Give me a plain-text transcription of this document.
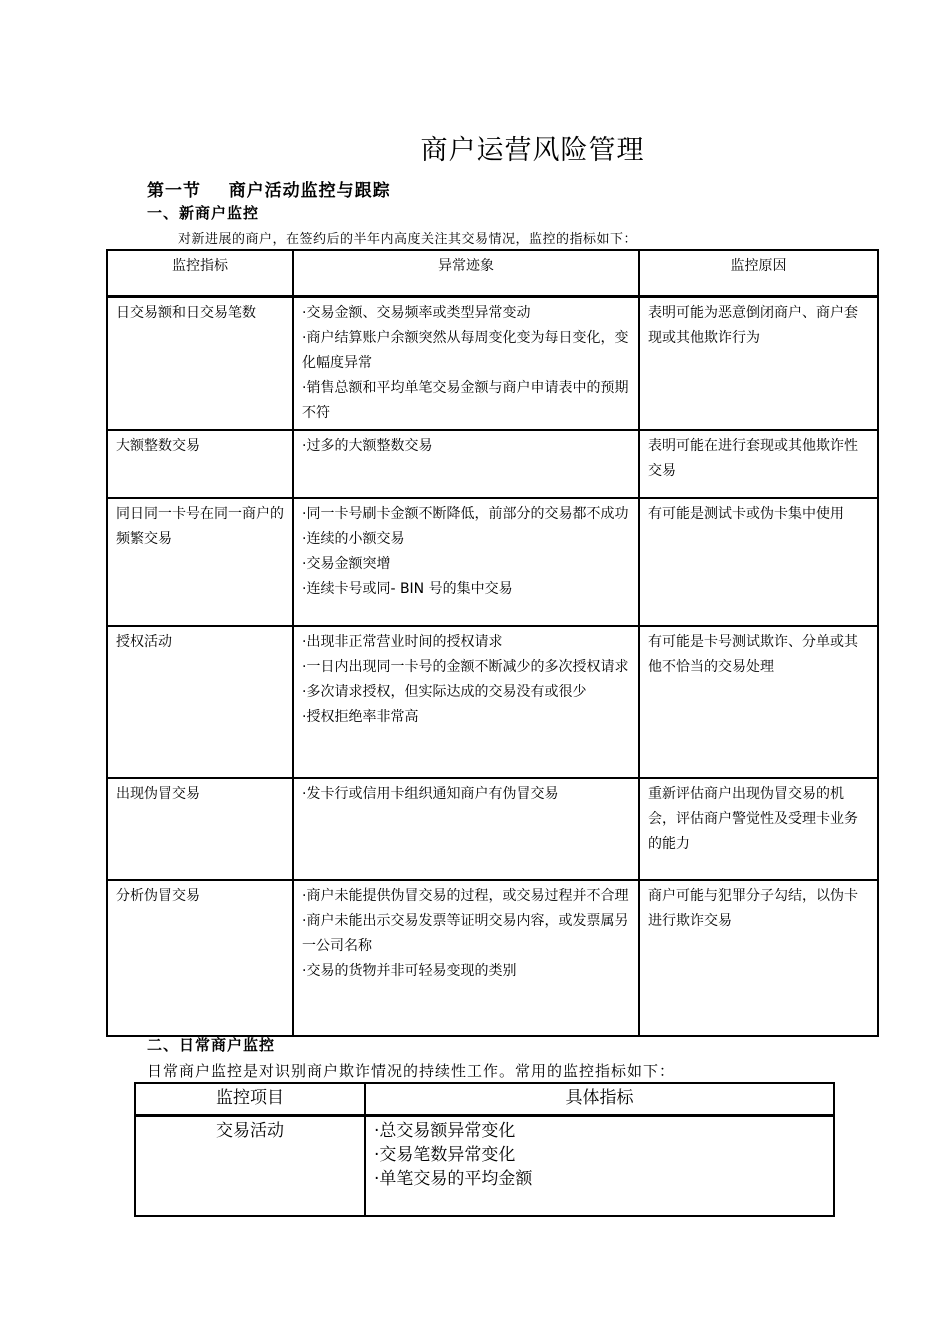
商户运营风险管理
第一节 商户活动监控与跟踪
一、新商户监控
对新进展的商户，在签约后的半年内高度关注其交易情况，监控的指标如下：
监控指标	异常迹象	监控原因
日交易额和日交易笔数	·交易金额、交易频率或类型异常变动
·商户结算账户余额突然从每周变化变为每日变化，变化幅度异常
·销售总额和平均单笔交易金额与商户申请表中的预期不符	表明可能为恶意倒闭商户、商户套现或其他欺诈行为
大额整数交易	·过多的大额整数交易	表明可能在进行套现或其他欺诈性交易
同日同一卡号在同一商户的频繁交易	·同一卡号刷卡金额不断降低，前部分的交易都不成功
·连续的小额交易
·交易金额突增
·连续卡号或同- BIN 号的集中交易	有可能是测试卡或伪卡集中使用
授权活动	·出现非正常营业时间的授权请求
·一日内出现同一卡号的金额不断减少的多次授权请求
·多次请求授权，但实际达成的交易没有或很少
·授权拒绝率非常高	有可能是卡号测试欺诈、分单或其他不恰当的交易处理
出现伪冒交易	·发卡行或信用卡组织通知商户有伪冒交易	重新评估商户出现伪冒交易的机会，评估商户警觉性及受理卡业务的能力
分析伪冒交易	·商户未能提供伪冒交易的过程，或交易过程并不合理
·商户未能出示交易发票等证明交易内容，或发票属另一公司名称
·交易的货物并非可轻易变现的类别	商户可能与犯罪分子勾结，以伪卡进行欺诈交易
二、日常商户监控
日常商户监控是对识别商户欺诈情况的持续性工作。常用的监控指标如下：
监控项目	具体指标
交易活动	·总交易额异常变化
·交易笔数异常变化
·单笔交易的平均金额
